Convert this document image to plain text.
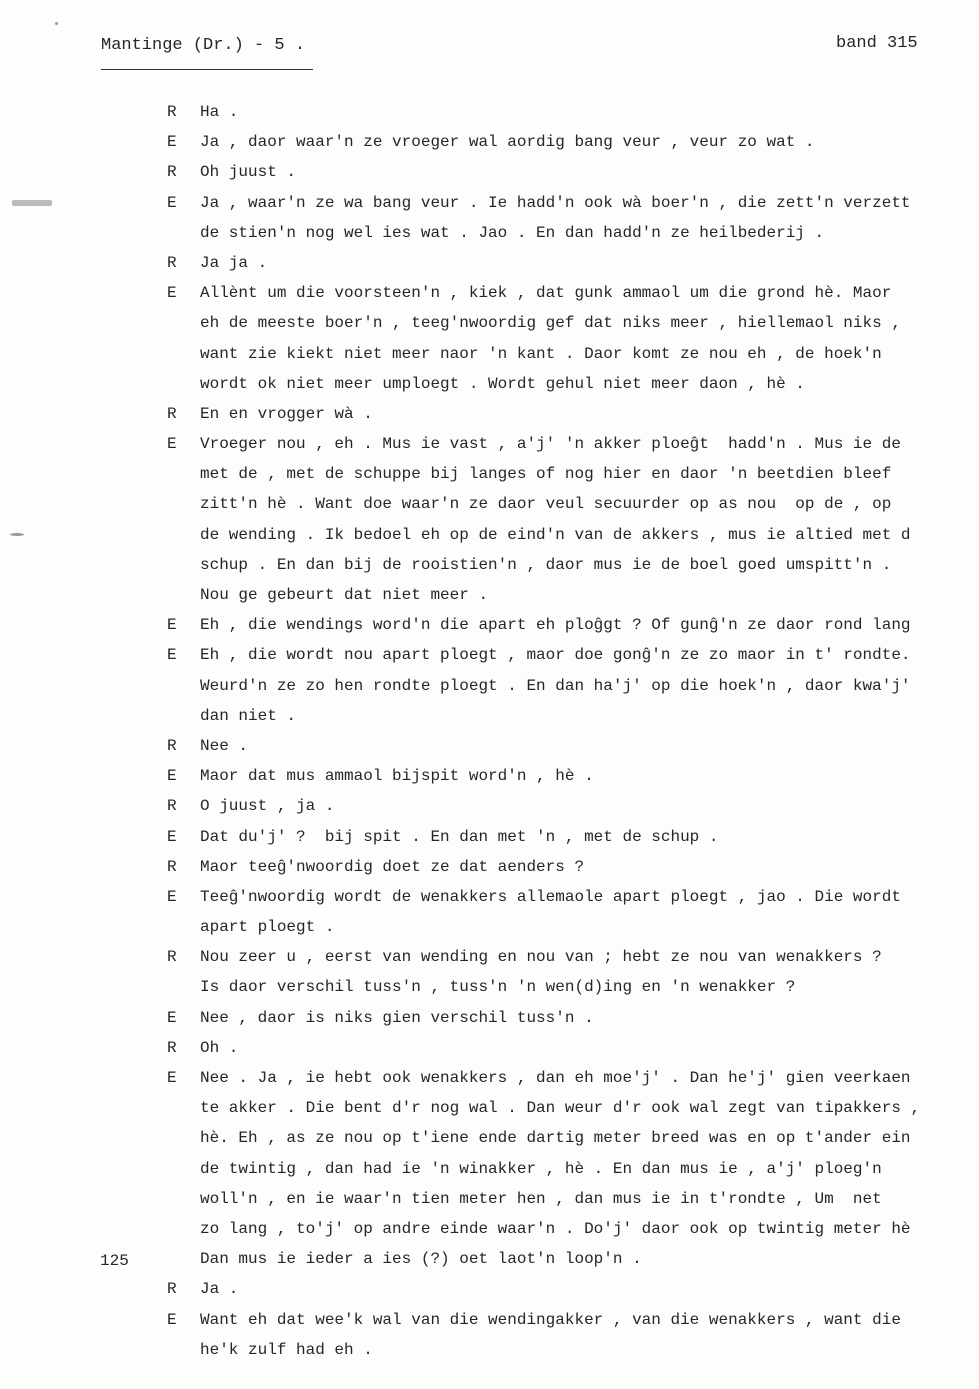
Mantinge (Dr.) - 5 .	band 315
R	Ha .
E	Ja , daor waar'n ze vroeger wal aordig bang veur , veur zo wat .
R	Oh juust .
E	Ja , waar'n ze wa bang veur . Ie hadd'n ook wà boer'n , die zett'n verzett
de stien'n nog wel ies wat . Jao . En dan hadd'n ze heilbederij .
R	Ja ja .
E	Allènt um die voorsteen'n , kiek , dat gunk ammaol um die grond hè. Maor
eh de meeste boer'n , teeg'nwoordig gef dat niks meer , hiellemaol niks ,
want zie kiekt niet meer naor 'n kant . Daor komt ze nou eh , de hoek'n
wordt ok niet meer umploegt . Wordt gehul niet meer daon , hè .
R	En en vrogger wà .
E	Vroeger nou , eh . Mus ie vast , a'j' 'n akker ploeĝt  hadd'n . Mus ie de
met de , met de schuppe bij langes of nog hier en daor 'n beetdien bleef
zitt'n hè . Want doe waar'n ze daor veul secuurder op as nou  op de , op
de wending . Ik bedoel eh op de eind'n van de akkers , mus ie altied met d
schup . En dan bij de rooistien'n , daor mus ie de boel goed umspitt'n .
Nou ge gebeurt dat niet meer .
E	Eh , die wendings word'n die apart eh ploĝgt ? Of gunĝ'n ze daor rond lang
E	Eh , die wordt nou apart ploegt , maor doe gonĝ'n ze zo maor in t' rondte.
Weurd'n ze zo hen rondte ploegt . En dan ha'j' op die hoek'n , daor kwa'j'
dan niet .
R	Nee .
E	Maor dat mus ammaol bijspit word'n , hè .
R	O juust , ja .
E	Dat du'j' ?  bij spit . En dan met 'n , met de schup .
R	Maor teeĝ'nwoordig doet ze dat aenders ?
E	Teeĝ'nwoordig wordt de wenakkers allemaole apart ploegt , jao . Die wordt
apart ploegt .
R	Nou zeer u , eerst van wending en nou van ; hebt ze nou van wenakkers ?
Is daor verschil tuss'n , tuss'n 'n wen(d)ing en 'n wenakker ?
E	Nee , daor is niks gien verschil tuss'n .
R	Oh .
E	Nee . Ja , ie hebt ook wenakkers , dan eh moe'j' . Dan he'j' gien veerkaen
te akker . Die bent d'r nog wal . Dan weur d'r ook wal zegt van tipakkers ,
hè. Eh , as ze nou op t'iene ende dartig meter breed was en op t'ander ein
de twintig , dan had ie 'n winakker , hè . En dan mus ie , a'j' ploeg'n
woll'n , en ie waar'n tien meter hen , dan mus ie in t'rondte , Um  net
zo lang , to'j' op andre einde waar'n . Do'j' daor ook op twintig meter hè
Dan mus ie ieder a ies (?) oet laot'n loop'n .
R	Ja .
E	Want eh dat wee'k wal van die wendingakker , van die wenakkers , want die
he'k zulf had eh .
125
